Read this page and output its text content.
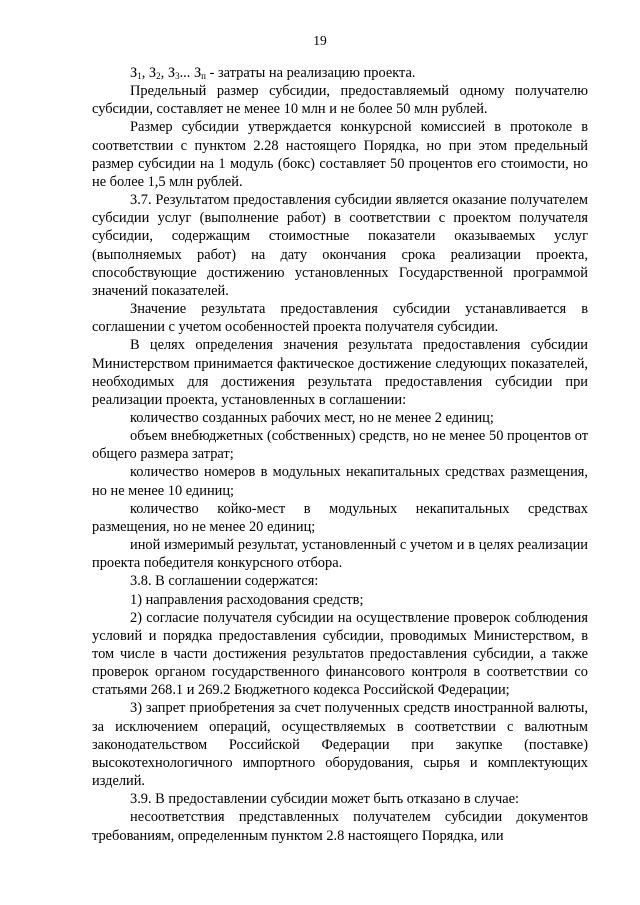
19

$З_1$, $З_2$, $З_3$... $З_п$ - затраты на реализацию проекта.

Предельный размер субсидии, предоставляемый одному получателю субсидии, составляет не менее 10 млн и не более 50 млн рублей.

Размер субсидии утверждается конкурсной комиссией в протоколе в соответствии с пунктом 2.28 настоящего Порядка, но при этом предельный размер субсидии на 1 модуль (бокс) составляет 50 процентов его стоимости, но не более 1,5 млн рублей.

3.7. Результатом предоставления субсидии является оказание получателем субсидии услуг (выполнение работ) в соответствии с проектом получателя субсидии, содержащим стоимостные показатели оказываемых услуг (выполняемых работ) на дату окончания срока реализации проекта, способствующие достижению установленных Государственной программой значений показателей.

Значение результата предоставления субсидии устанавливается в соглашении с учетом особенностей проекта получателя субсидии.

В целях определения значения результата предоставления субсидии Министерством принимается фактическое достижение следующих показателей, необходимых для достижения результата предоставления субсидии при реализации проекта, установленных в соглашении:

количество созданных рабочих мест, но не менее 2 единиц;

объем внебюджетных (собственных) средств, но не менее 50 процентов от общего размера затрат;

количество номеров в модульных некапитальных средствах размещения, но не менее 10 единиц;

количество койко-мест в модульных некапитальных средствах размещения, но не менее 20 единиц;

иной измеримый результат, установленный с учетом и в целях реализации проекта победителя конкурсного отбора.

3.8. В соглашении содержатся:

1) направления расходования средств;

2) согласие получателя субсидии на осуществление проверок соблюдения условий и порядка предоставления субсидии, проводимых Министерством, в том числе в части достижения результатов предоставления субсидии, а также проверок органом государственного финансового контроля в соответствии со статьями 268.1 и 269.2 Бюджетного кодекса Российской Федерации;

3) запрет приобретения за счет полученных средств иностранной валюты, за исключением операций, осуществляемых в соответствии с валютным законодательством Российской Федерации при закупке (поставке) высокотехнологичного импортного оборудования, сырья и комплектующих изделий.

3.9. В предоставлении субсидии может быть отказано в случае:

несоответствия представленных получателем субсидии документов требованиям, определенным пунктом 2.8 настоящего Порядка, или
